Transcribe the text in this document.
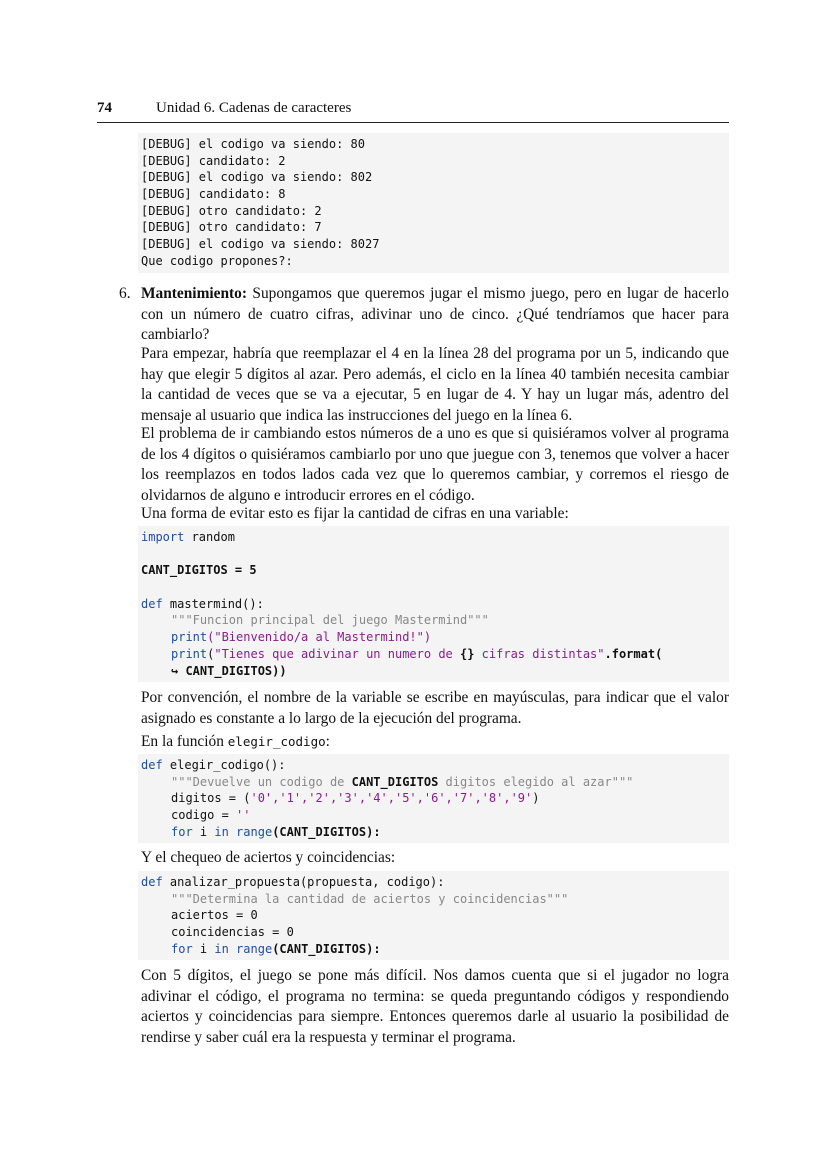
74	Unidad 6. Cadenas de caracteres
[DEBUG] el codigo va siendo: 80
[DEBUG] candidato: 2
[DEBUG] el codigo va siendo: 802
[DEBUG] candidato: 8
[DEBUG] otro candidato: 2
[DEBUG] otro candidato: 7
[DEBUG] el codigo va siendo: 8027
Que codigo propones?:
6. Mantenimiento: Supongamos que queremos jugar el mismo juego, pero en lugar de hacerlo con un número de cuatro cifras, adivinar uno de cinco. ¿Qué tendríamos que hacer para cambiarlo?

Para empezar, habría que reemplazar el 4 en la línea 28 del programa por un 5, indicando que hay que elegir 5 dígitos al azar. Pero además, el ciclo en la línea 40 también necesita cambiar la cantidad de veces que se va a ejecutar, 5 en lugar de 4. Y hay un lugar más, adentro del mensaje al usuario que indica las instrucciones del juego en la línea 6.

El problema de ir cambiando estos números de a uno es que si quisiéramos volver al programa de los 4 dígitos o quisiéramos cambiarlo por uno que juegue con 3, tenemos que volver a hacer los reemplazos en todos lados cada vez que lo queremos cambiar, y corremos el riesgo de olvidarnos de alguno e introducir errores en el código.

Una forma de evitar esto es fijar la cantidad de cifras en una variable:

import random

CANT_DIGITOS = 5

def mastermind():
"""Funcion principal del juego Mastermind"""
print("Bienvenido/a al Mastermind!")
print("Tienes que adivinar un numero de {} cifras distintas".format(
↪ CANT_DIGITOS))

Por convención, el nombre de la variable se escribe en mayúsculas, para indicar que el valor asignado es constante a lo largo de la ejecución del programa.

En la función elegir_codigo:

def elegir_codigo():
"""Devuelve un codigo de CANT_DIGITOS digitos elegido al azar"""
digitos = ('0','1','2','3','4','5','6','7','8','9')
codigo = ''
for i in range(CANT_DIGITOS):

Y el chequeo de aciertos y coincidencias:

def analizar_propuesta(propuesta, codigo):
"""Determina la cantidad de aciertos y coincidencias"""
aciertos = 0
coincidencias = 0
for i in range(CANT_DIGITOS):

Con 5 dígitos, el juego se pone más difícil. Nos damos cuenta que si el jugador no logra adivinar el código, el programa no termina: se queda preguntando códigos y respondiendo aciertos y coincidencias para siempre. Entonces queremos darle al usuario la posibilidad de rendirse y saber cuál era la respuesta y terminar el programa.
